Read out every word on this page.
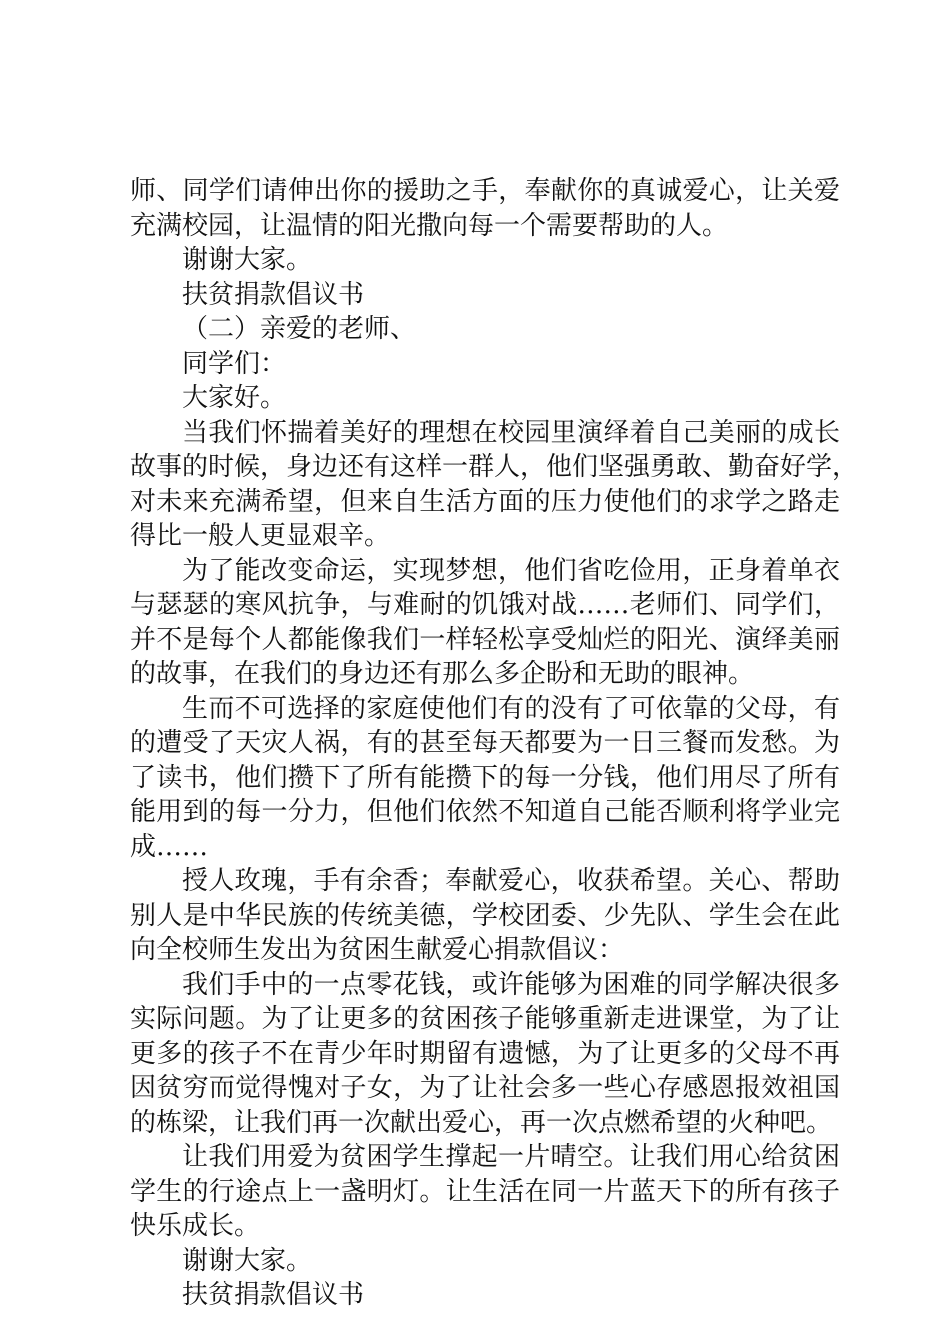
师、同学们请伸出你的援助之手，奉献你的真诚爱心，让关爱
充满校园，让温情的阳光撒向每一个需要帮助的人。
谢谢大家。
扶贫捐款倡议书
（二）亲爱的老师、
同学们：
大家好。
当我们怀揣着美好的理想在校园里演绎着自己美丽的成长
故事的时候，身边还有这样一群人，他们坚强勇敢、勤奋好学，
对未来充满希望，但来自生活方面的压力使他们的求学之路走
得比一般人更显艰辛。
为了能改变命运，实现梦想，他们省吃俭用，正身着单衣
与瑟瑟的寒风抗争，与难耐的饥饿对战……老师们、同学们，
并不是每个人都能像我们一样轻松享受灿烂的阳光、演绎美丽
的故事，在我们的身边还有那么多企盼和无助的眼神。
生而不可选择的家庭使他们有的没有了可依靠的父母，有
的遭受了天灾人祸，有的甚至每天都要为一日三餐而发愁。为
了读书，他们攒下了所有能攒下的每一分钱，他们用尽了所有
能用到的每一分力，但他们依然不知道自己能否顺利将学业完
成……
授人玫瑰，手有余香；奉献爱心，收获希望。关心、帮助
别人是中华民族的传统美德，学校团委、少先队、学生会在此
向全校师生发出为贫困生献爱心捐款倡议：
我们手中的一点零花钱，或许能够为困难的同学解决很多
实际问题。为了让更多的贫困孩子能够重新走进课堂，为了让
更多的孩子不在青少年时期留有遗憾，为了让更多的父母不再
因贫穷而觉得愧对子女，为了让社会多一些心存感恩报效祖国
的栋梁，让我们再一次献出爱心，再一次点燃希望的火种吧。
让我们用爱为贫困学生撑起一片晴空。让我们用心给贫困
学生的行途点上一盏明灯。让生活在同一片蓝天下的所有孩子
快乐成长。
谢谢大家。
扶贫捐款倡议书
